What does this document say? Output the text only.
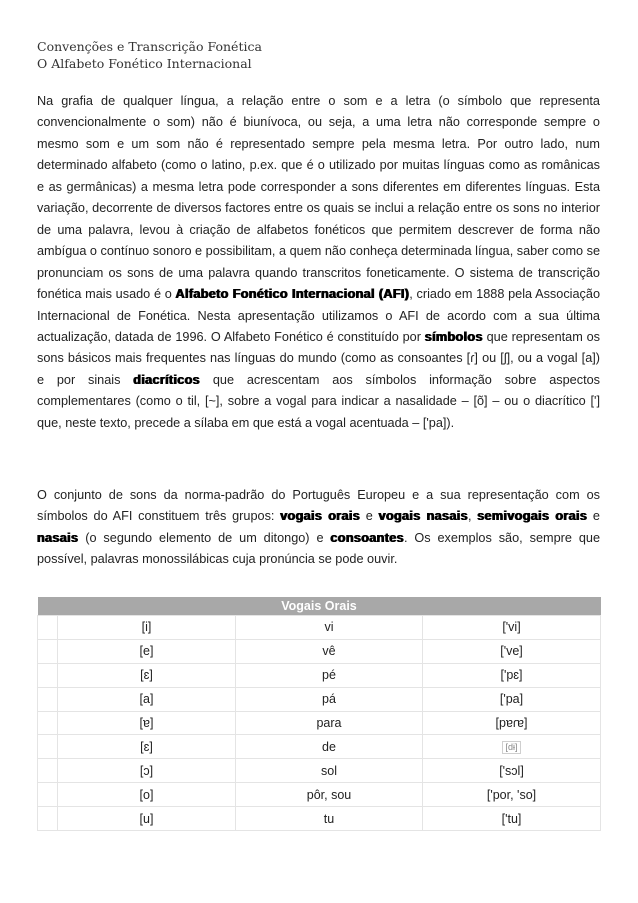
Convenções e Transcrição Fonética
O Alfabeto Fonético Internacional
Na grafia de qualquer língua, a relação entre o som e a letra (o símbolo que representa convencionalmente o som) não é biunívoca, ou seja, a uma letra não corresponde sempre o mesmo som e um som não é representado sempre pela mesma letra. Por outro lado, num determinado alfabeto (como o latino, p.ex. que é o utilizado por muitas línguas como as românicas e as germânicas) a mesma letra pode corresponder a sons diferentes em diferentes línguas. Esta variação, decorrente de diversos factores entre os quais se inclui a relação entre os sons no interior de uma palavra, levou à criação de alfabetos fonéticos que permitem descrever de forma não ambígua o contínuo sonoro e possibilitam, a quem não conheça determinada língua, saber como se pronunciam os sons de uma palavra quando transcritos foneticamente. O sistema de transcrição fonética mais usado é o Alfabeto Fonético Internacional (AFI), criado em 1888 pela Associação Internacional de Fonética. Nesta apresentação utilizamos o AFI de acordo com a sua última actualização, datada de 1996. O Alfabeto Fonético é constituído por símbolos que representam os sons básicos mais frequentes nas línguas do mundo (como as consoantes [ɾ] ou [ʃ], ou a vogal [a]) e por sinais diacríticos que acrescentam aos símbolos informação sobre aspectos complementares (como o til, [~], sobre a vogal para indicar a nasalidade – [õ] – ou o diacrítico ['] que, neste texto, precede a sílaba em que está a vogal acentuada – ['pa]).
O conjunto de sons da norma-padrão do Português Europeu e a sua representação com os símbolos do AFI constituem três grupos: vogais orais e vogais nasais, semivogais orais e nasais (o segundo elemento de um ditongo) e consoantes. Os exemplos são, sempre que possível, palavras monossilábicas cuja pronúncia se pode ouvir.
Vogais Orais			
	[i]	vi	['vi]
	[e]	vê	['ve]
	[ɛ]	pé	['pɛ]
	[a]	pá	['pa]
	[ɐ]	para	[pɐɾɐ]
	[ɛ]	de	[dɨ]
	[ɔ]	sol	['sɔl]
	[o]	pôr, sou	['por, 'so]
	[u]	tu	['tu]
